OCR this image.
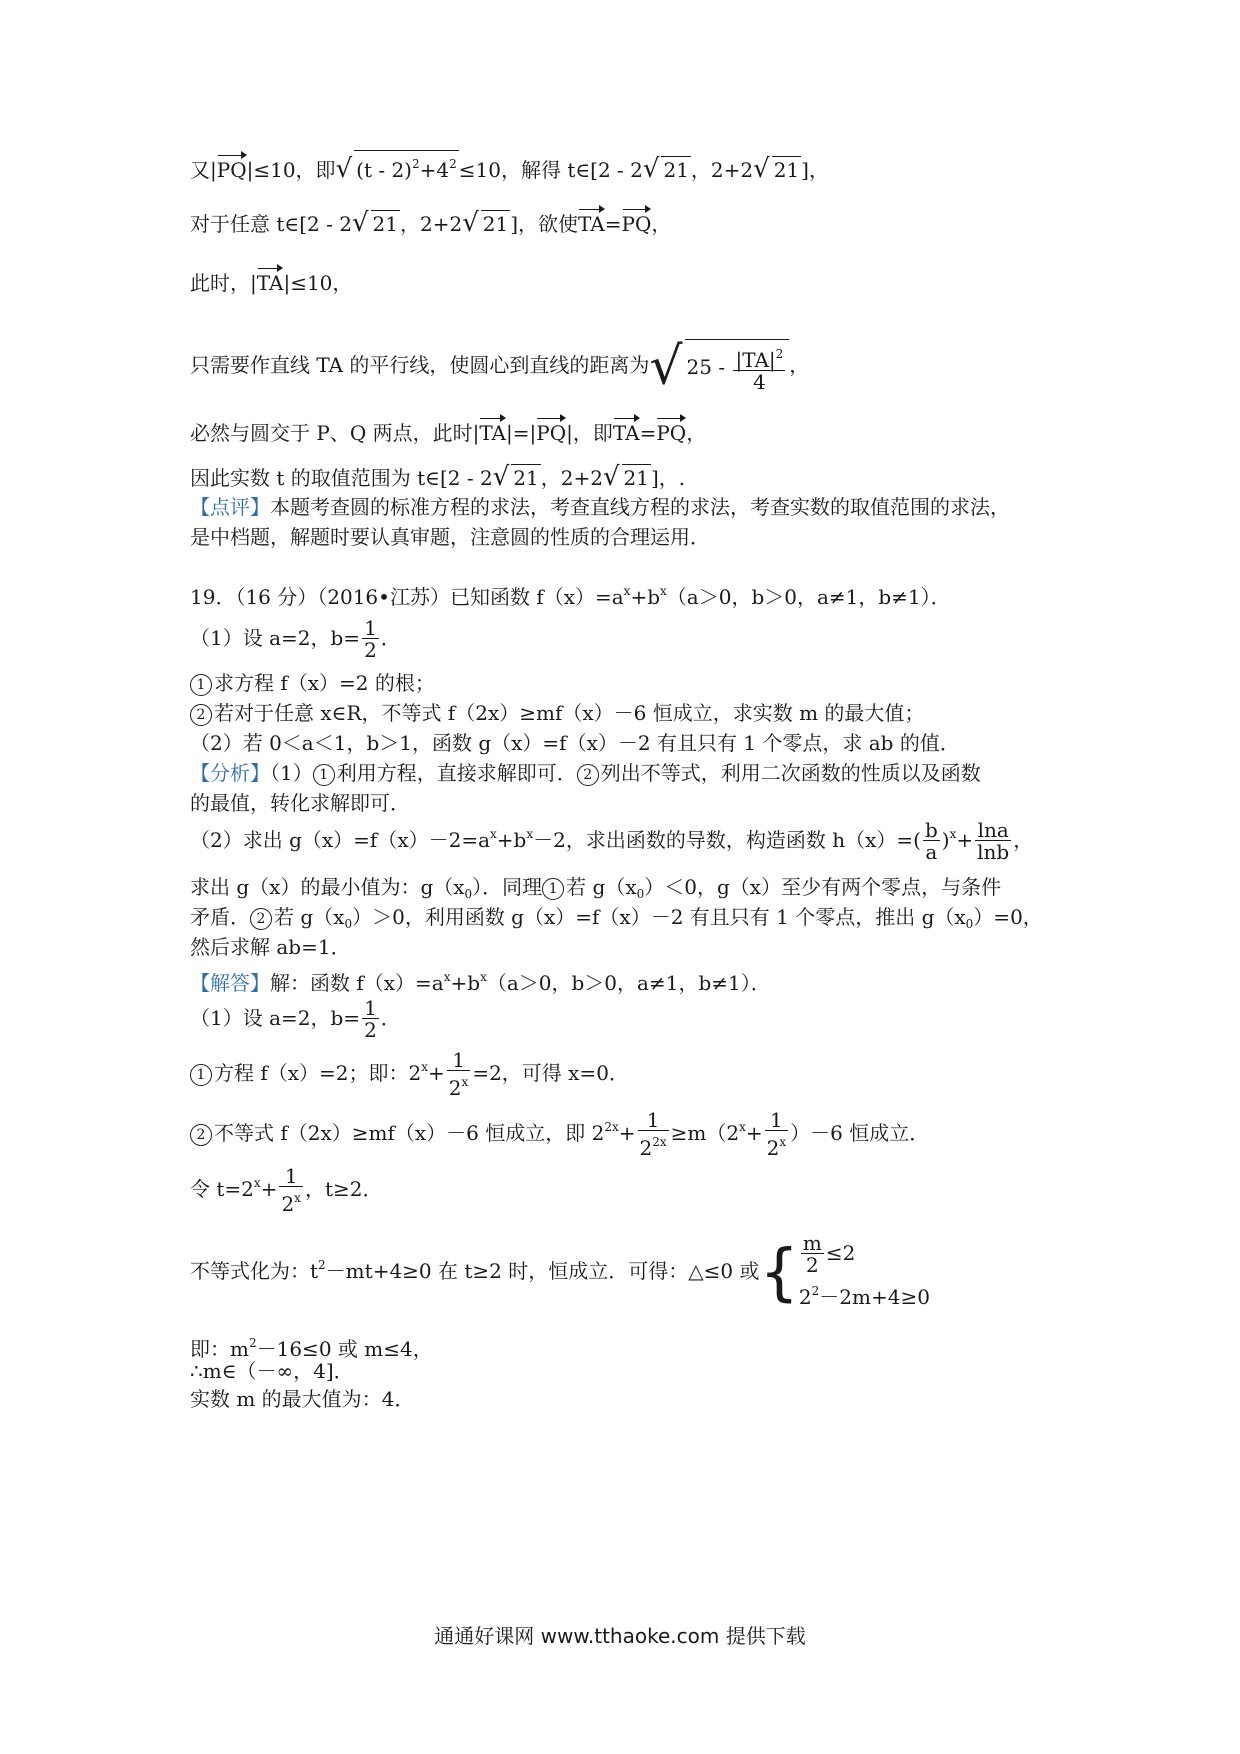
又|PQ|≤10，即√ $(t - 2)^2+4^2 \le 10$，解得 t∈[2 - 2√ 21 ，2+2√ 21 ]，
对于任意 t∈[2 - 2√ 21 ，2+2√ 21 ]，欲使TA=PQ，
此时，|TA|≤10，
只需要作直线 TA 的平行线，使圆心到直线的距离为√ $25 - \frac{|TA|^2}{4}$ ，
必然与圆交于 P、Q 两点，此时|TA|=|PQ|，即TA=PQ，
因此实数 t 的取值范围为 t∈[2 - 2√ 21 ，2+2√ 21 ]，.
【点评】本题考查圆的标准方程的求法，考查直线方程的求法，考查实数的取值范围的求法，
是中档题，解题时要认真审题，注意圆的性质的合理运用．
19．（16 分）（2016•江苏）已知函数 $f(x)=a^x+b^x(a>0$，b＞0，a≠1，b≠1）．
（1）设 a=2，$b= \frac{1}{2}$ ．
1 求方程 f（x）=2 的根；
2 若对于任意 x∈R，不等式 f（2x）≥mf（x）－6 恒成立，求实数 m 的最大值；
（2）若 0＜a＜1，b＞1，函数 g（x）=f（x）－2 有且只有 1 个零点，求 ab 的值．
【分析】（1） 1 利用方程，直接求解即可． 2 列出不等式，利用二次函数的性质以及函数
的最值，转化求解即可．
（2）求出 $g(x)=f(x)-2=a^x+b^x-2$，求出函数的导数，构造函数 $h(x)=( \frac{b}{a} )^x+ \frac{\ln a}{\ln b}$ ，
求出 g（x）的最小值为：$g(x_0)$．同理 1 若 $g(x_0)<0$，g（x）至少有两个零点，与条件
矛盾． 2 若 $g(x_0)>0$，利用函数 g（x）=f（x）－2 有且只有 1 个零点，推出 $g(x_0)=0$，
然后求解 ab=1．
【解答】解：函数 $f(x)=a^x+b^x(a>0$，b＞0，a≠1，b≠1）．
（1）设 a=2，$b= \frac{1}{2}$ ．
1 方程 f（x）=2；即：$2^x+ \frac{1}{2^x} =2$，可得 x=0．
2 不等式 f（2x）≥mf（x）－6 恒成立，即 $2^{2x}+ \frac{1}{2^{2x}} \ge m(2^x+ \frac{1}{2^x} )-6$ 恒成立．
令 $t=2^x+ \frac{1}{2^x}$ ，t≥2．
不等式化为：$t^2-mt+4\ge 0$ 在 t≥2 时，恒成立．可得：△≤0 或{ $\frac{m}{2} \le 2$
$2^2-2m+4\ge 0$
即：$m^2-16\le 0$ 或 m≤4，
∴m∈（－∞，4]．
实数 m 的最大值为：4．
通通好课网 www.tthaoke.com 提供下载
